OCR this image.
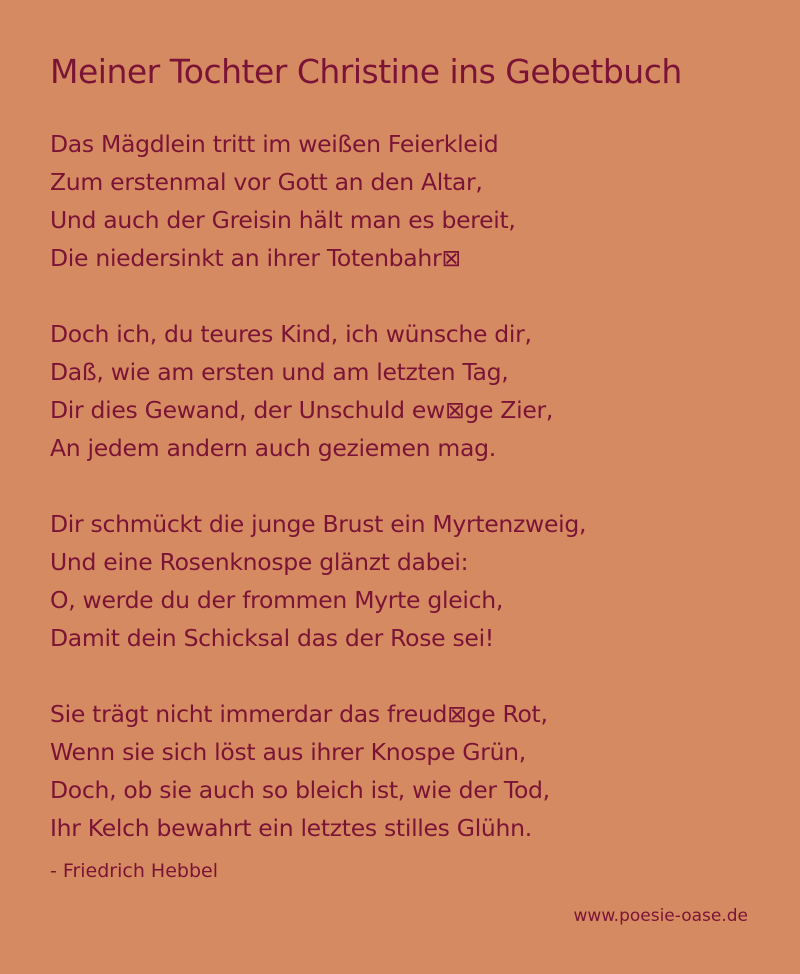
Meiner Tochter Christine ins Gebetbuch
Das Mägdlein tritt im weißen Feierkleid
Zum erstenmal vor Gott an den Altar,
Und auch der Greisin hält man es bereit,
Die niedersinkt an ihrer Totenbahr⊠
Doch ich, du teures Kind, ich wünsche dir,
Daß, wie am ersten und am letzten Tag,
Dir dies Gewand, der Unschuld ew⊠ge Zier,
An jedem andern auch geziemen mag.
Dir schmückt die junge Brust ein Myrtenzweig,
Und eine Rosenknospe glänzt dabei:
O, werde du der frommen Myrte gleich,
Damit dein Schicksal das der Rose sei!
Sie trägt nicht immerdar das freud⊠ge Rot,
Wenn sie sich löst aus ihrer Knospe Grün,
Doch, ob sie auch so bleich ist, wie der Tod,
Ihr Kelch bewahrt ein letztes stilles Glühn.
- Friedrich Hebbel
www.poesie-oase.de
